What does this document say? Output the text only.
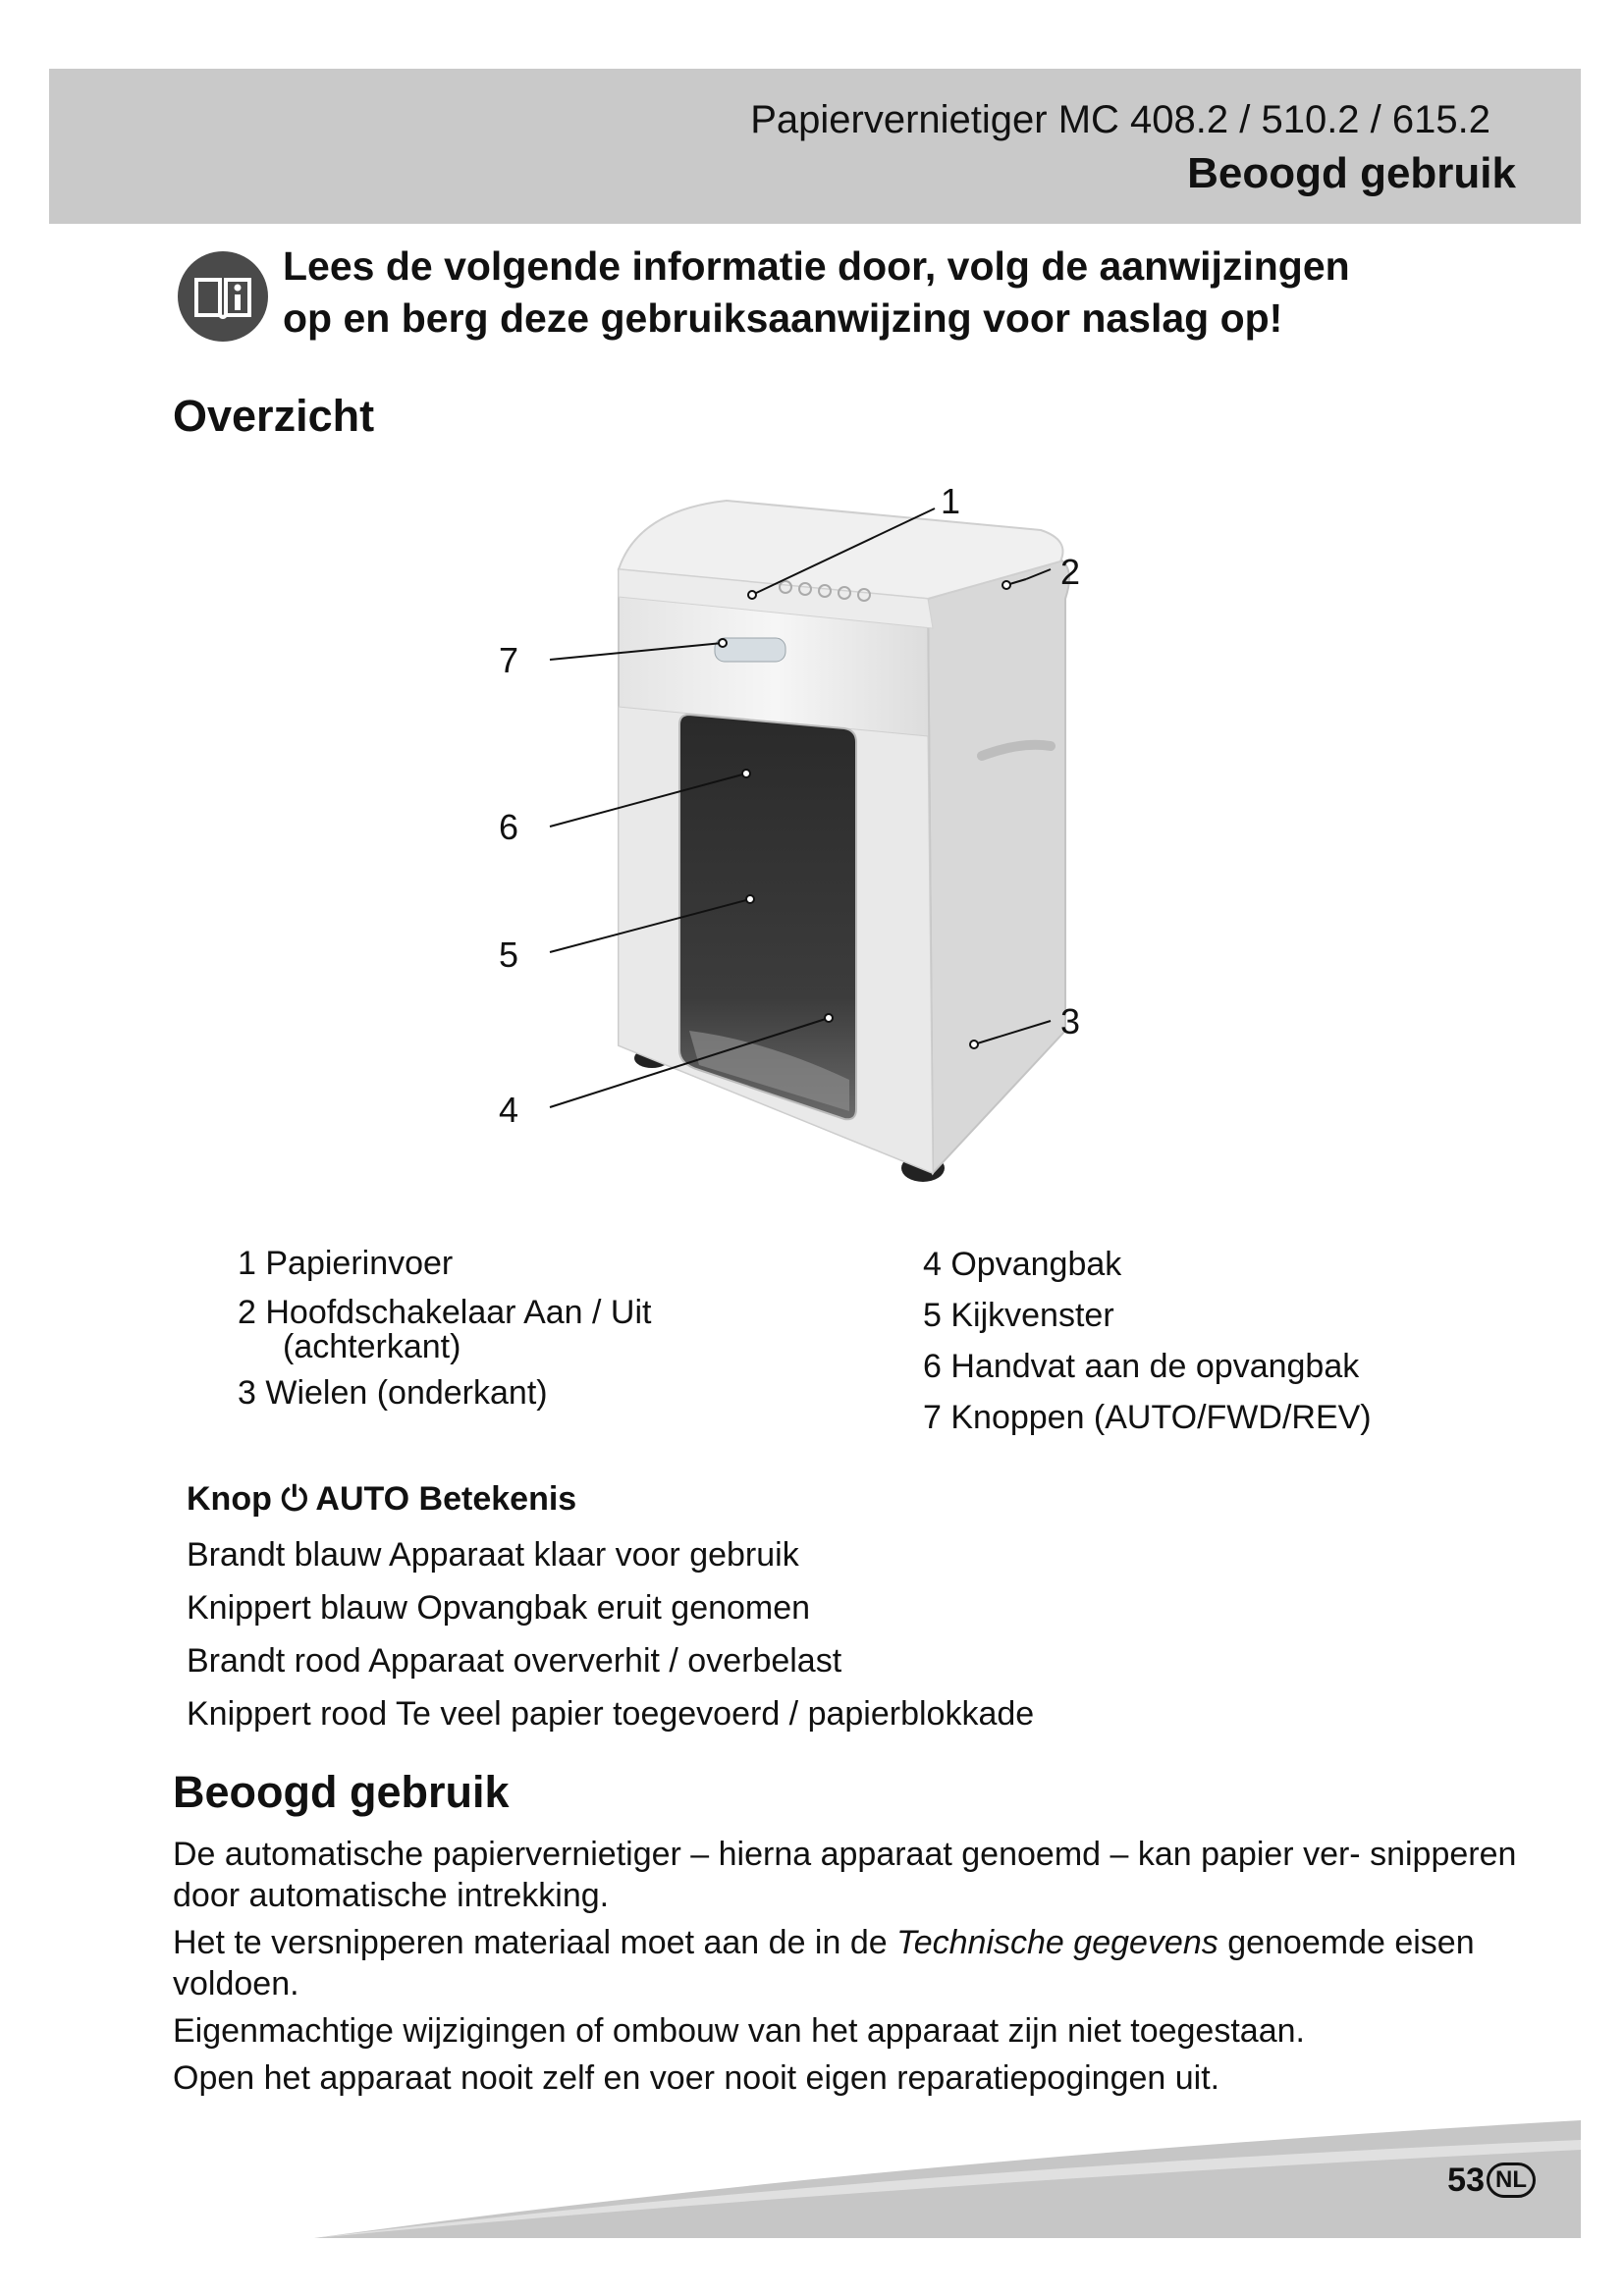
Papiervernietiger MC 408.2 / 510.2 / 615.2
Beoogd gebruik
Lees de volgende informatie door, volg de aanwijzingen
op en berg deze gebruiksaanwijzing voor naslag op!
Overzicht
1
2
3
4
5
6
7
1 Papierinvoer
2 Hoofdschakelaar Aan / Uit
(achterkant)
3 Wielen (onderkant)
4 Opvangbak
5 Kijkvenster
6 Handvat aan de opvangbak
7 Knoppen (AUTO/FWD/REV)
Knop ⏻ AUTO Betekenis
Brandt blauw Apparaat klaar voor gebruik
Knippert blauw Opvangbak eruit genomen
Brandt rood Apparaat oververhit / overbelast
Knippert rood Te veel papier toegevoerd / papierblokkade
Beoogd gebruik

De automatische papiervernietiger – hierna apparaat genoemd – kan papier ver- snipperen door automatische intrekking.

Het te versnipperen materiaal moet aan de in de Technische gegevens genoemde eisen voldoen.

Eigenmachtige wijzigingen of ombouw van het apparaat zijn niet toegestaan.

Open het apparaat nooit zelf en voer nooit eigen reparatiepogingen uit.

53 NL
